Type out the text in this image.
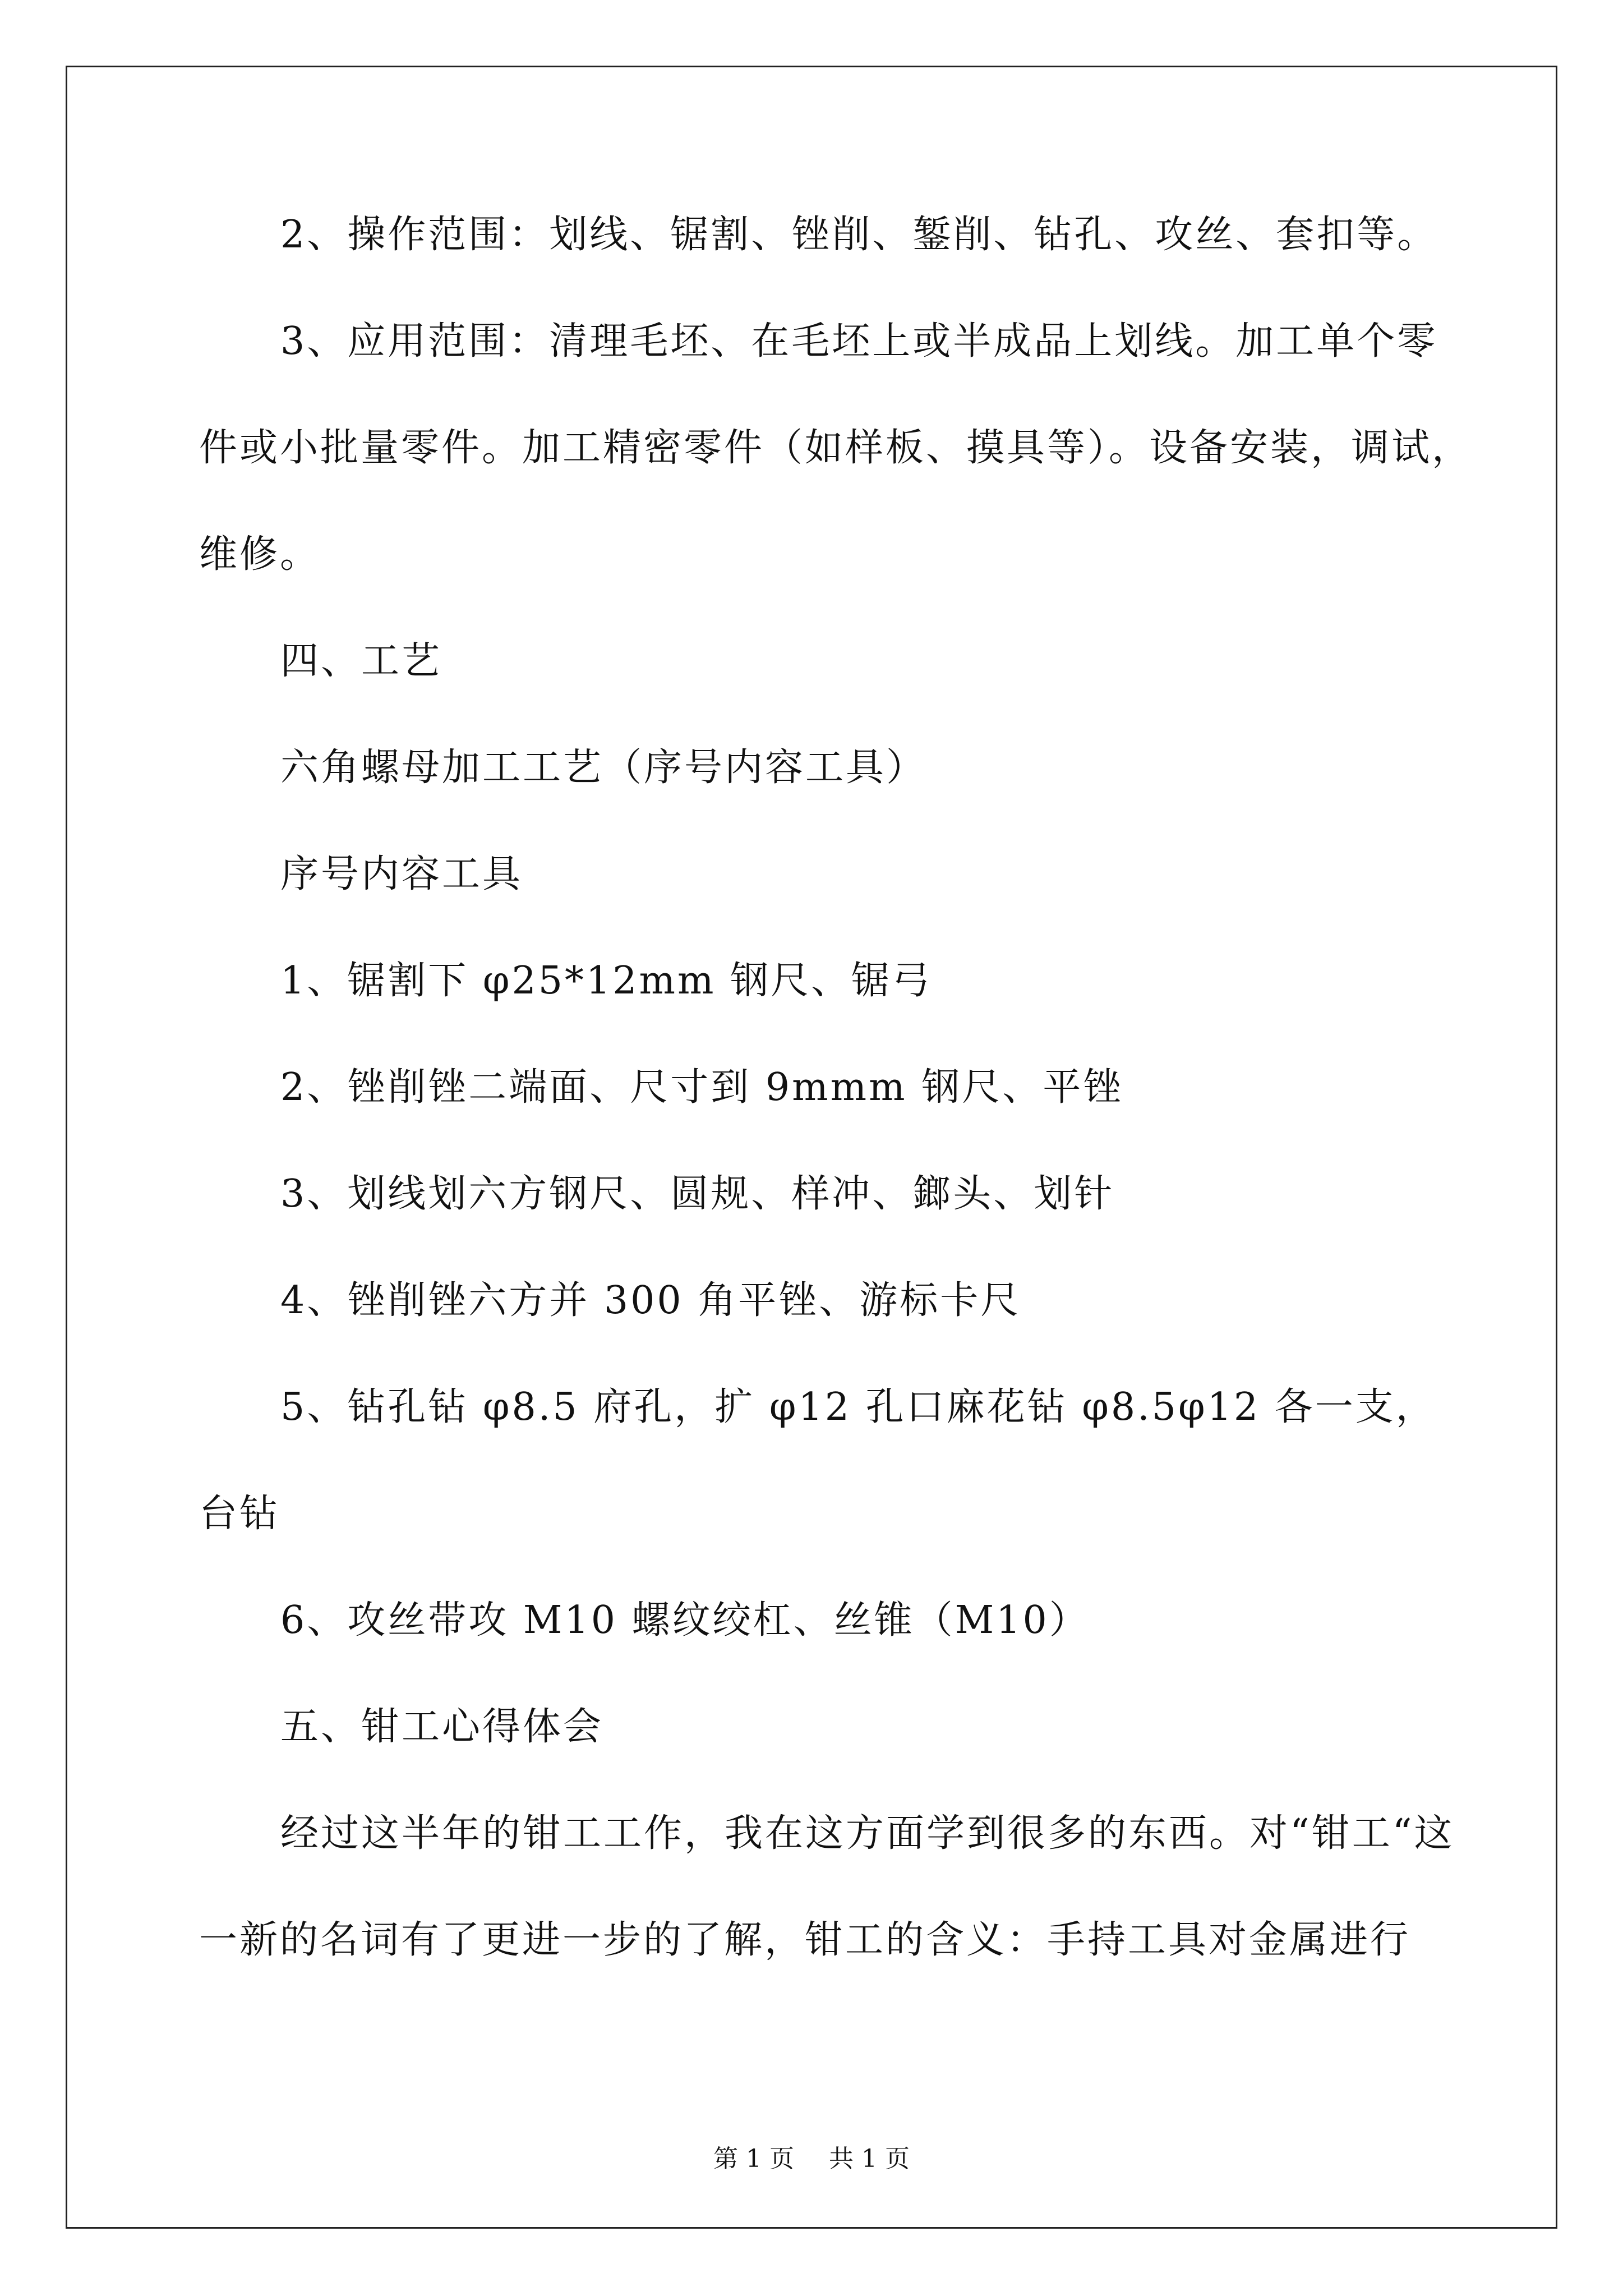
2、操作范围：划线、锯割、锉削、錾削、钻孔、攻丝、套扣等。
3、应用范围：清理毛坯、在毛坯上或半成品上划线。加工单个零
件或小批量零件。加工精密零件（如样板、摸具等）。设备安装，调试，
维修。
四、工艺
六角螺母加工工艺（序号内容工具）
序号内容工具
1、锯割下 φ25*12mm 钢尺、锯弓
2、锉削锉二端面、尺寸到 9mmm 钢尺、平锉
3、划线划六方钢尺、圆规、样冲、鎯头、划针
4、锉削锉六方并 300 角平锉、游标卡尺
5、钻孔钻 φ8.5 府孔，扩 φ12 孔口麻花钻 φ8.5φ12 各一支，
台钻
6、攻丝带攻 M10 螺纹绞杠、丝锥（M10）
五、钳工心得体会
经过这半年的钳工工作，我在这方面学到很多的东西。对“钳工“这
一新的名词有了更进一步的了解，钳工的含义：手持工具对金属进行
第 1 页 共 1 页
